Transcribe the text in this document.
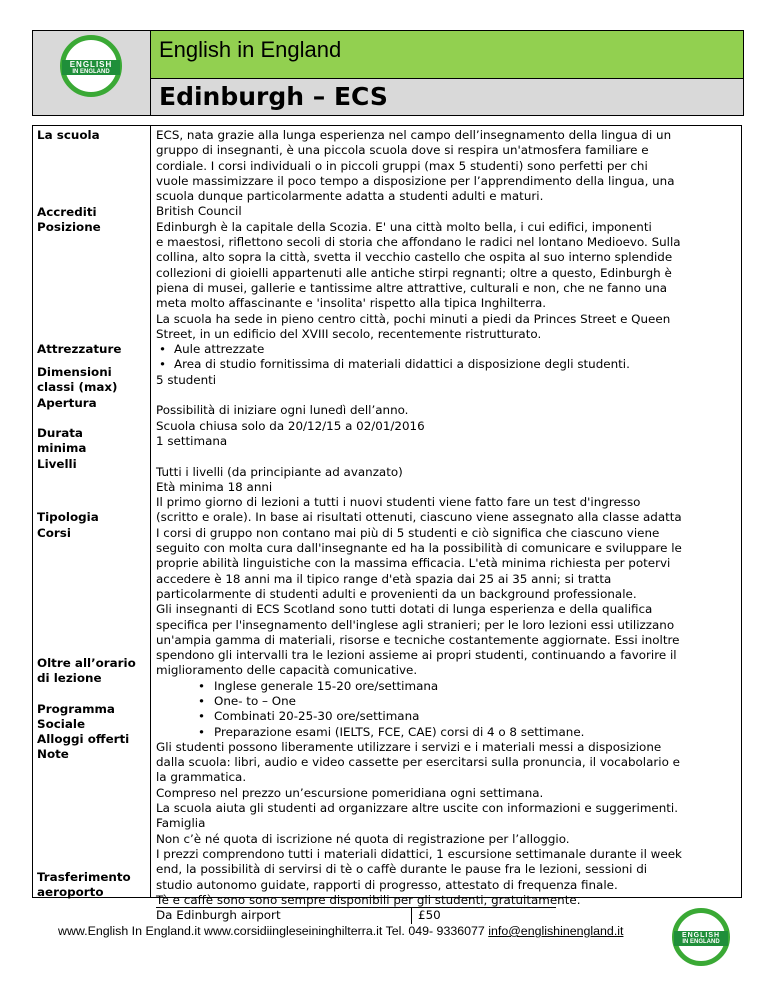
ENGLISH
IN ENGLAND
English in England
Edinburgh – ECS
La scuola
Accrediti
Posizione
Attrezzature
Dimensioni classi (max)
Apertura
Durata minima
Livelli
Tipologia Corsi
Oltre all’orario di lezione
Programma Sociale
Alloggi offerti
Note
Trasferimento aeroporto
ECS, nata grazie alla lunga esperienza nel campo dell’insegnamento della lingua di un
gruppo di insegnanti, è una piccola scuola dove si respira un'atmosfera familiare e
cordiale. I corsi individuali o in piccoli gruppi (max 5 studenti) sono perfetti per chi
vuole massimizzare il poco tempo a disposizione per l’apprendimento della lingua, una
scuola dunque particolarmente adatta a studenti adulti e maturi.
British Council
Edinburgh è la capitale della Scozia. E' una città molto bella, i cui edifici, imponenti
e maestosi, riflettono secoli di storia che affondano le radici nel lontano Medioevo. Sulla
collina, alto sopra la città, svetta il vecchio castello che ospita al suo interno splendide
collezioni di gioielli appartenuti alle antiche stirpi regnanti; oltre a questo, Edinburgh è
piena di musei, gallerie e tantissime altre attrattive, culturali e non, che ne fanno una
meta molto affascinante e 'insolita' rispetto alla tipica Inghilterra.
La scuola ha sede in pieno centro città, pochi minuti a piedi da Princes Street e Queen
Street, in un edificio del XVIII secolo, recentemente ristrutturato.
• Aule attrezzate
• Area di studio fornitissima di materiali didattici a disposizione degli studenti.
5 studenti
Possibilità di iniziare ogni lunedì dell’anno.
Scuola chiusa solo da 20/12/15 a 02/01/2016
1 settimana
Tutti i livelli (da principiante ad avanzato)
Età minima 18 anni
Il primo giorno di lezioni a tutti i nuovi studenti viene fatto fare un test d'ingresso
(scritto e orale). In base ai risultati ottenuti, ciascuno viene assegnato alla classe adatta
I corsi di gruppo non contano mai più di 5 studenti e ciò significa che ciascuno viene
seguito con molta cura dall'insegnante ed ha la possibilità di comunicare e sviluppare le
proprie abilità linguistiche con la massima efficacia. L'età minima richiesta per potervi
accedere è 18 anni ma il tipico range d'età spazia dai 25 ai 35 anni; si tratta
particolarmente di studenti adulti e provenienti da un background professionale.
Gli insegnanti di ECS Scotland sono tutti dotati di lunga esperienza e della qualifica
specifica per l'insegnamento dell'inglese agli stranieri; per le loro lezioni essi utilizzano
un'ampia gamma di materiali, risorse e tecniche costantemente aggiornate. Essi inoltre
spendono gli intervalli tra le lezioni assieme ai propri studenti, continuando a favorire il
miglioramento delle capacità comunicative.
• Inglese generale 15-20 ore/settimana
• One- to – One
• Combinati 20-25-30 ore/settimana
• Preparazione esami (IELTS, FCE, CAE) corsi di 4 o 8 settimane.
Gli studenti possono liberamente utilizzare i servizi e i materiali messi a disposizione
dalla scuola: libri, audio e video cassette per esercitarsi sulla pronuncia, il vocabolario e
la grammatica.
Compreso nel prezzo un’escursione pomeridiana ogni settimana.
La scuola aiuta gli studenti ad organizzare altre uscite con informazioni e suggerimenti.
Famiglia
Non c’è né quota di iscrizione né quota di registrazione per l’alloggio.
I prezzi comprendono tutti i materiali didattici, 1 escursione settimanale durante il week
end, la possibilità di servirsi di tè o caffè durante le pause fra le lezioni, sessioni di
studio autonomo guidate, rapporti di progresso, attestato di frequenza finale.
Tè e caffè sono sono sempre disponibili per gli studenti, gratuitamente.
Da Edinburgh airport	£50
www.English In England.it www.corsidiingleseininghilterra.it Tel. 049- 9336077 info@englishinengland.it	ENGLISH
IN ENGLAND
